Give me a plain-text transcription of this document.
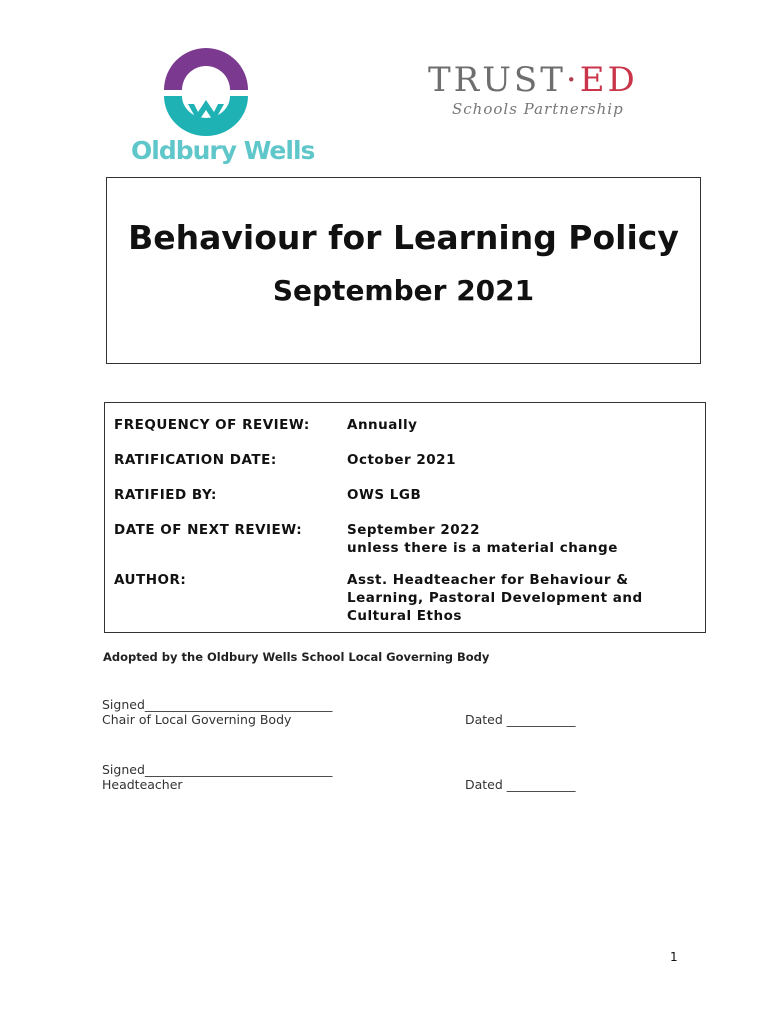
Oldbury Wells
TRUST·ED
Schools Partnership
Behaviour for Learning Policy
September 2021
FREQUENCY OF REVIEW:	Annually
RATIFICATION DATE:	October 2021
RATIFIED BY:	OWS LGB
DATE OF NEXT REVIEW:	September 2022
unless there is a material change
AUTHOR:	Asst. Headteacher for Behaviour &
Learning, Pastoral Development and
Cultural Ethos
Adopted by the Oldbury Wells School Local Governing Body
Signed______________________________
Chair of Local Governing Body	Dated ___________
Signed______________________________
Headteacher	Dated ___________
1
